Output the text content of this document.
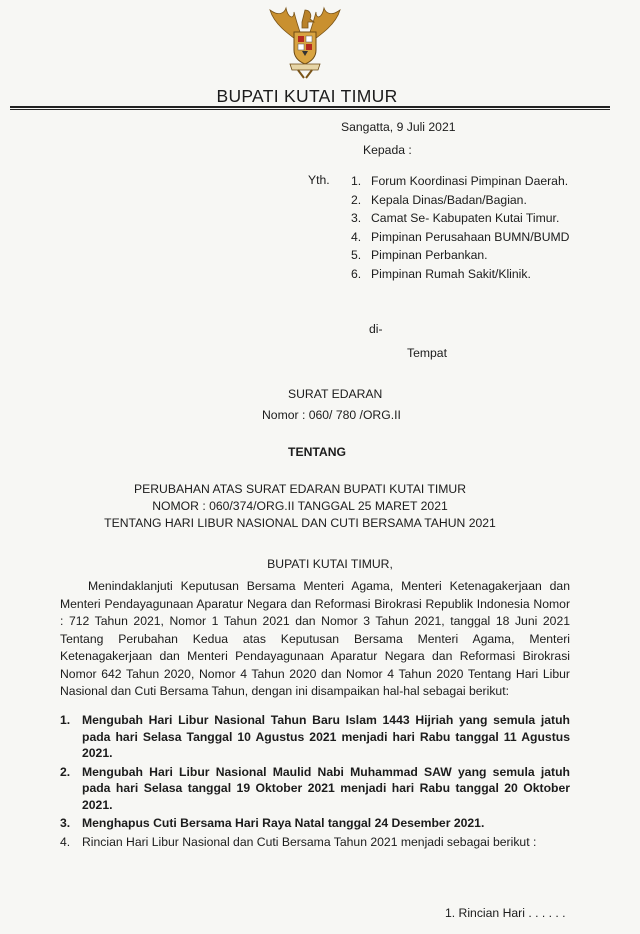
BUPATI KUTAI TIMUR
Sangatta, 9 Juli 2021
Kepada :
Yth. 1. Forum Koordinasi Pimpinan Daerah.
2. Kepala Dinas/Badan/Bagian.
3. Camat Se- Kabupaten Kutai Timur.
4. Pimpinan Perusahaan BUMN/BUMD
5. Pimpinan Perbankan.
6. Pimpinan Rumah Sakit/Klinik.
di-
Tempat
SURAT EDARAN
Nomor : 060/ 780 /ORG.II
TENTANG
PERUBAHAN ATAS SURAT EDARAN BUPATI KUTAI TIMUR
NOMOR : 060/374/ORG.II TANGGAL 25 MARET 2021
TENTANG HARI LIBUR NASIONAL DAN CUTI BERSAMA TAHUN 2021
BUPATI KUTAI TIMUR,
Menindaklanjuti Keputusan Bersama Menteri Agama, Menteri Ketenagakerjaan dan Menteri Pendayagunaan Aparatur Negara dan Reformasi Birokrasi Republik Indonesia Nomor : 712 Tahun 2021, Nomor 1 Tahun 2021 dan Nomor 3 Tahun 2021, tanggal 18 Juni 2021 Tentang Perubahan Kedua atas Keputusan Bersama Menteri Agama, Menteri Ketenagakerjaan dan Menteri Pendayagunaan Aparatur Negara dan Reformasi Birokrasi Nomor 642 Tahun 2020, Nomor 4 Tahun 2020 dan Nomor 4 Tahun 2020 Tentang Hari Libur Nasional dan Cuti Bersama Tahun, dengan ini disampaikan hal-hal sebagai berikut:
1. Mengubah Hari Libur Nasional Tahun Baru Islam 1443 Hijriah yang semula jatuh pada hari Selasa Tanggal 10 Agustus 2021 menjadi hari Rabu tanggal 11 Agustus 2021.
2. Mengubah Hari Libur Nasional Maulid Nabi Muhammad SAW yang semula jatuh pada hari Selasa tanggal 19 Oktober 2021 menjadi hari Rabu tanggal 20 Oktober 2021.
3. Menghapus Cuti Bersama Hari Raya Natal tanggal 24 Desember 2021.
4. Rincian Hari Libur Nasional dan Cuti Bersama Tahun 2021 menjadi sebagai berikut :
1. Rincian Hari . . . . . .
